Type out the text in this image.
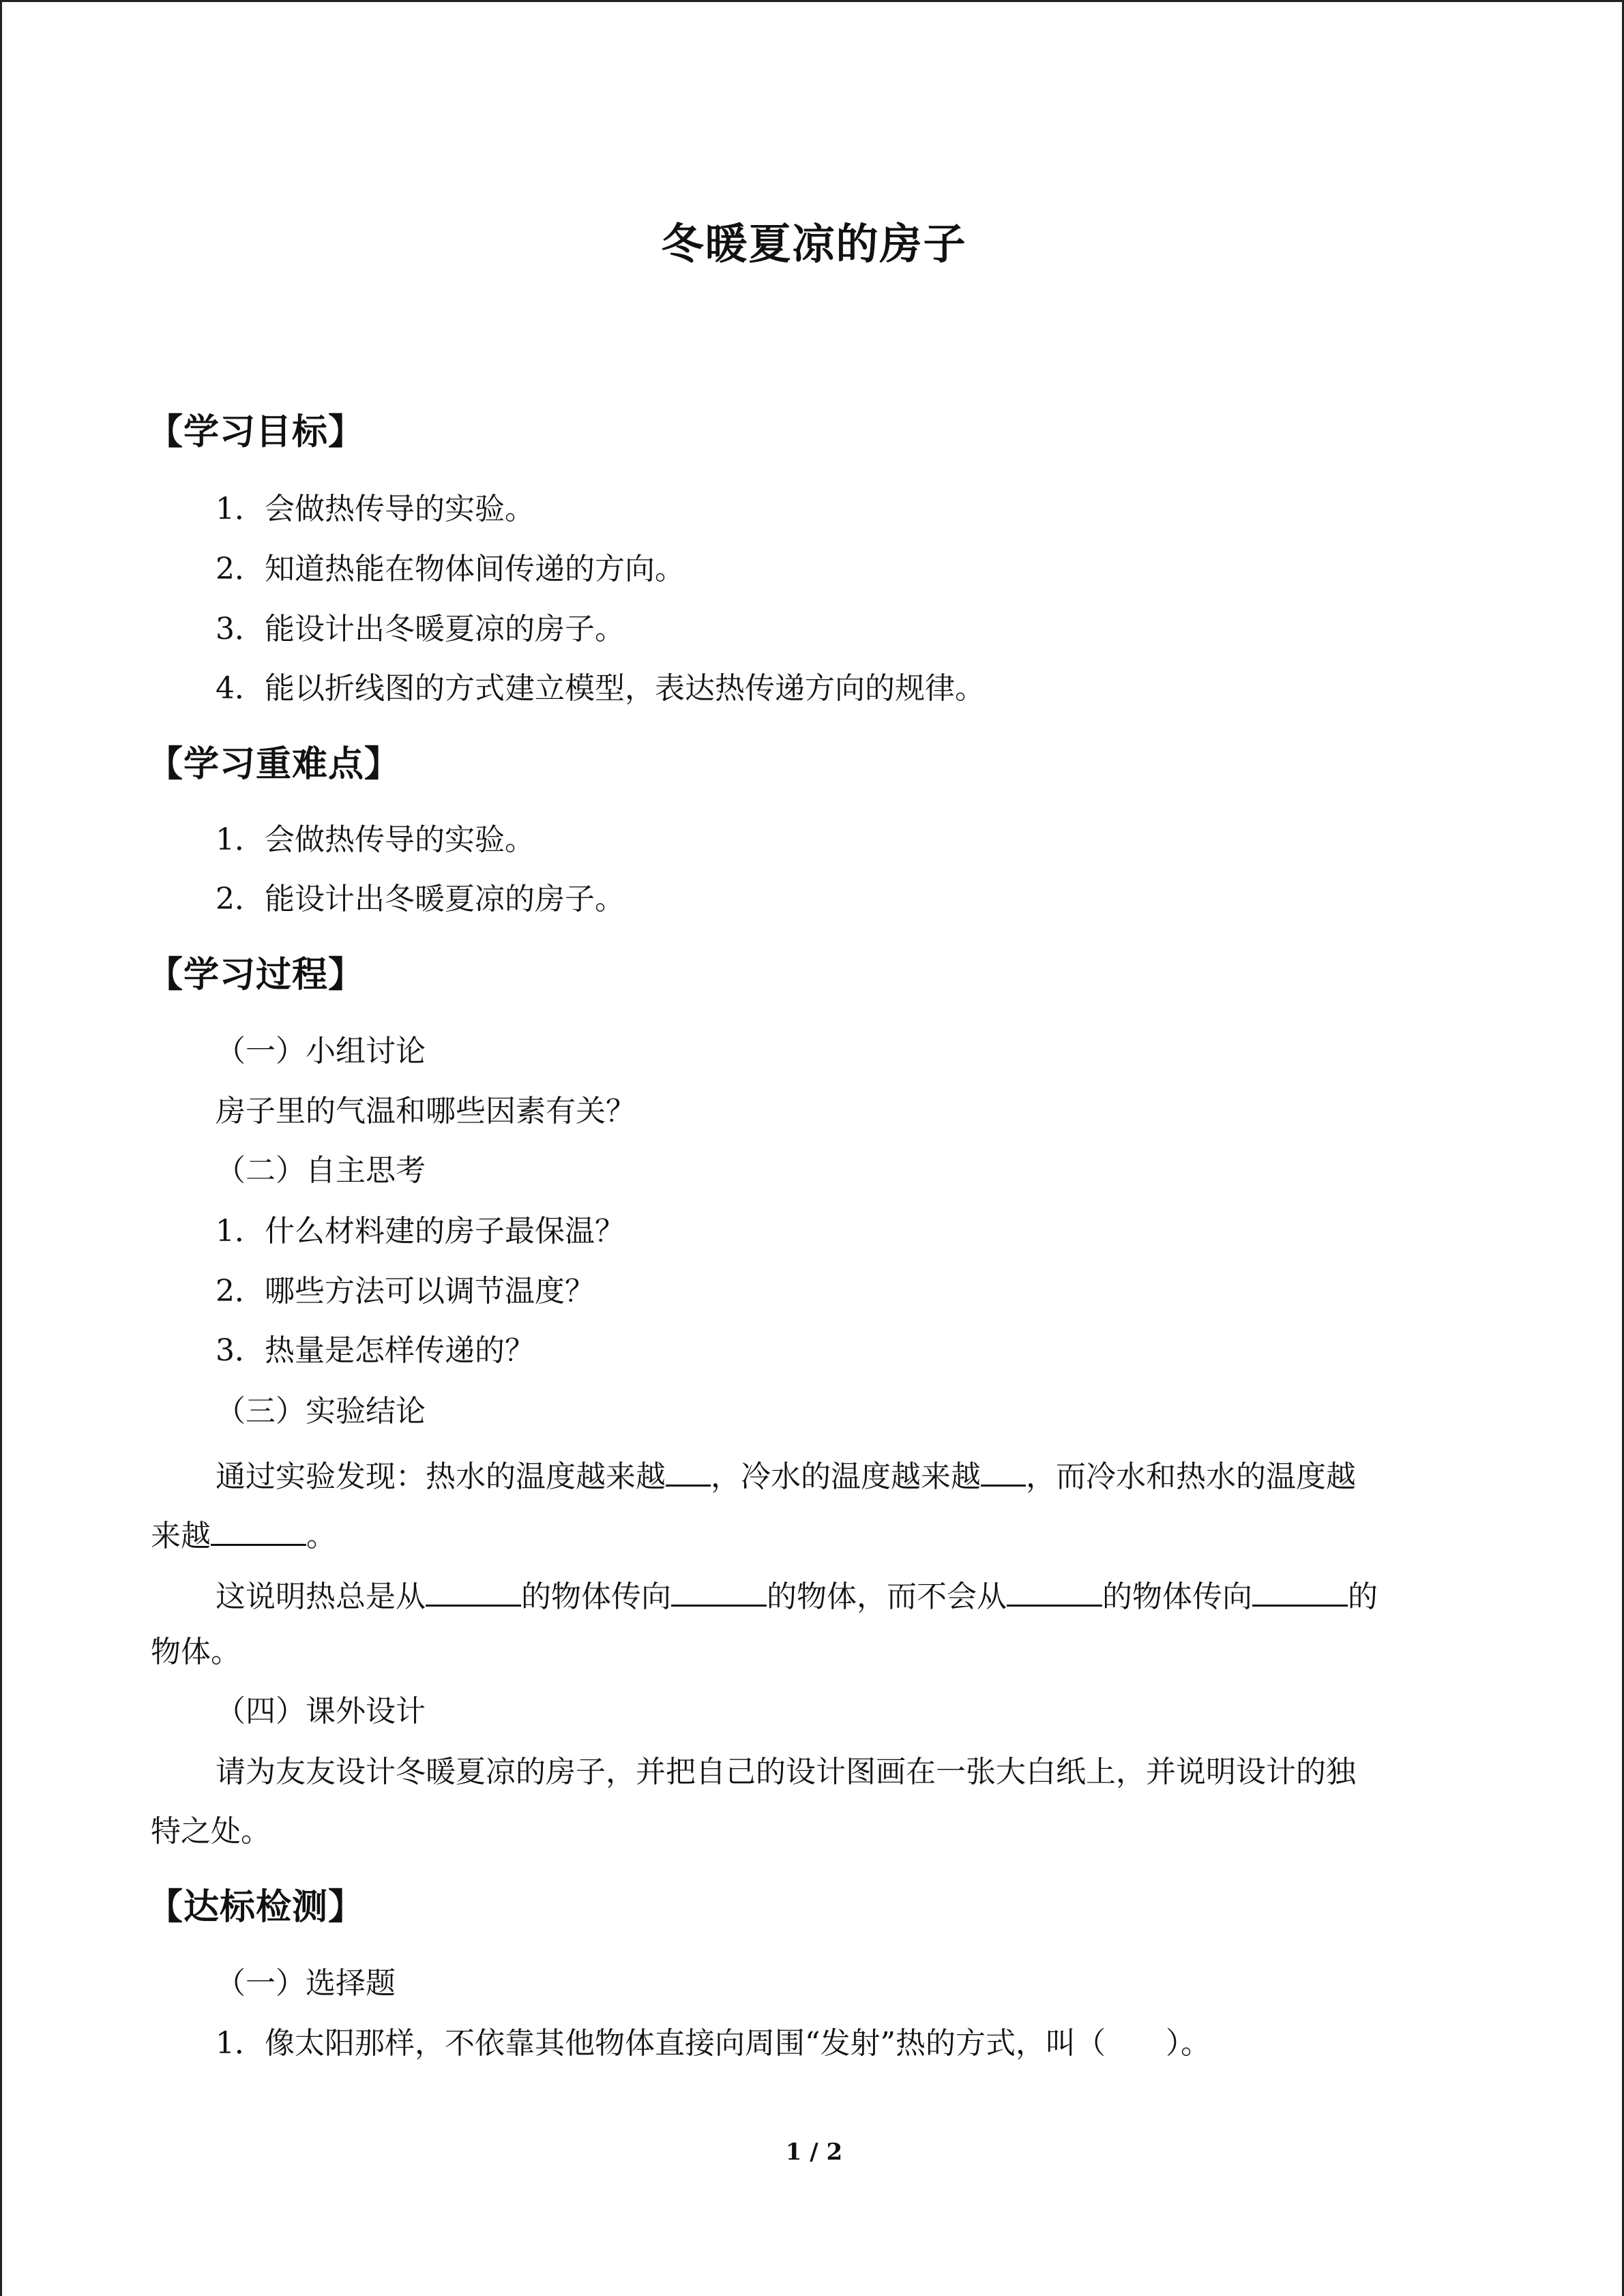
冬暖夏凉的房子
【学习目标】
1．会做热传导的实验。
2．知道热能在物体间传递的方向。
3．能设计出冬暖夏凉的房子。
4．能以折线图的方式建立模型，表达热传递方向的规律。
【学习重难点】
1．会做热传导的实验。
2．能设计出冬暖夏凉的房子。
【学习过程】
（一）小组讨论
房子里的气温和哪些因素有关？
（二）自主思考
1．什么材料建的房子最保温？
2．哪些方法可以调节温度？
3．热量是怎样传递的？
（三）实验结论
通过实验发现：热水的温度越来越 ，冷水的温度越来越 ，而冷水和热水的温度越
来越	。
这说明热总是从	的物体传向	的物体，而不会从	的物体传向	的
物体。
（四）课外设计
请为友友设计冬暖夏凉的房子，并把自己的设计图画在一张大白纸上，并说明设计的独
特之处。
【达标检测】
（一）选择题
1．像太阳那样，不依靠其他物体直接向周围“发射”热的方式，叫（　　）。
1 / 2
